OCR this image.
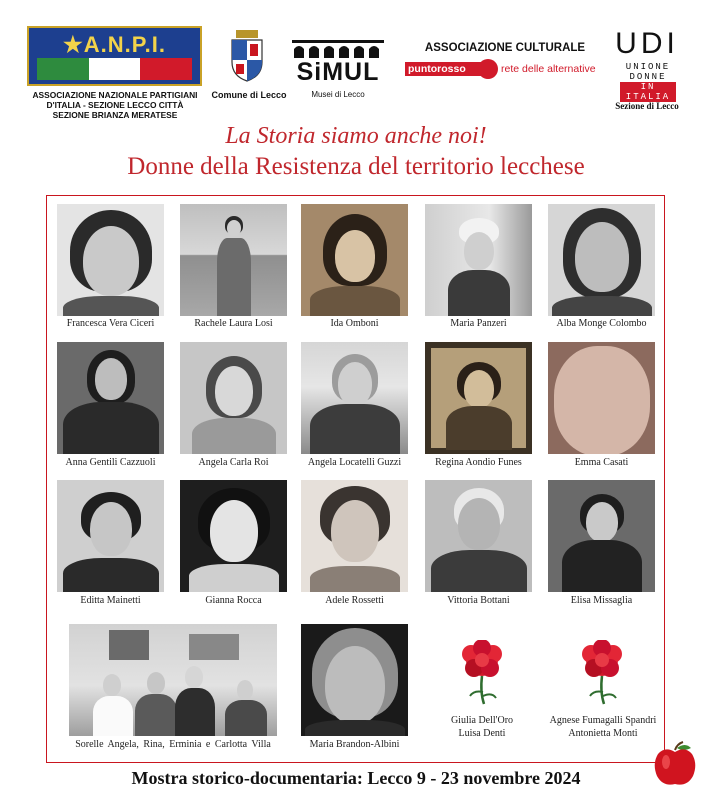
★A.N.P.I.
ASSOCIAZIONE NAZIONALE PARTIGIANI
D'ITALIA - SEZIONE LECCO CITTÀ
SEZIONE BRIANZA MERATESE
Comune di Lecco
SiMUL
Musei di Lecco
ASSOCIAZIONE CULTURALE
puntorosso	rete delle alternative
UDI
UNIONE
DONNE
IN ITALIA
Sezione di Lecco
La Storia siamo anche noi!
Donne della Resistenza del territorio lecchese
Francesca Vera Ciceri	Rachele Laura Losi	Ida Omboni	Maria Panzeri	Alba Monge Colombo
Anna Gentili Cazzuoli	Angela Carla Roi	Angela Locatelli Guzzi	Regina Aondio Funes	Emma Casati
Editta Mainetti	Gianna Rocca	Adele Rossetti	Vittoria Bottani	Elisa Missaglia
Sorelle Angela, Rina, Erminia e Carlotta Villa	Maria Brandon-Albini
Giulia Dell'Oro
Luisa Denti
Agnese Fumagalli Spandri
Antonietta Monti
Mostra storico-documentaria: Lecco 9 - 23 novembre 2024
